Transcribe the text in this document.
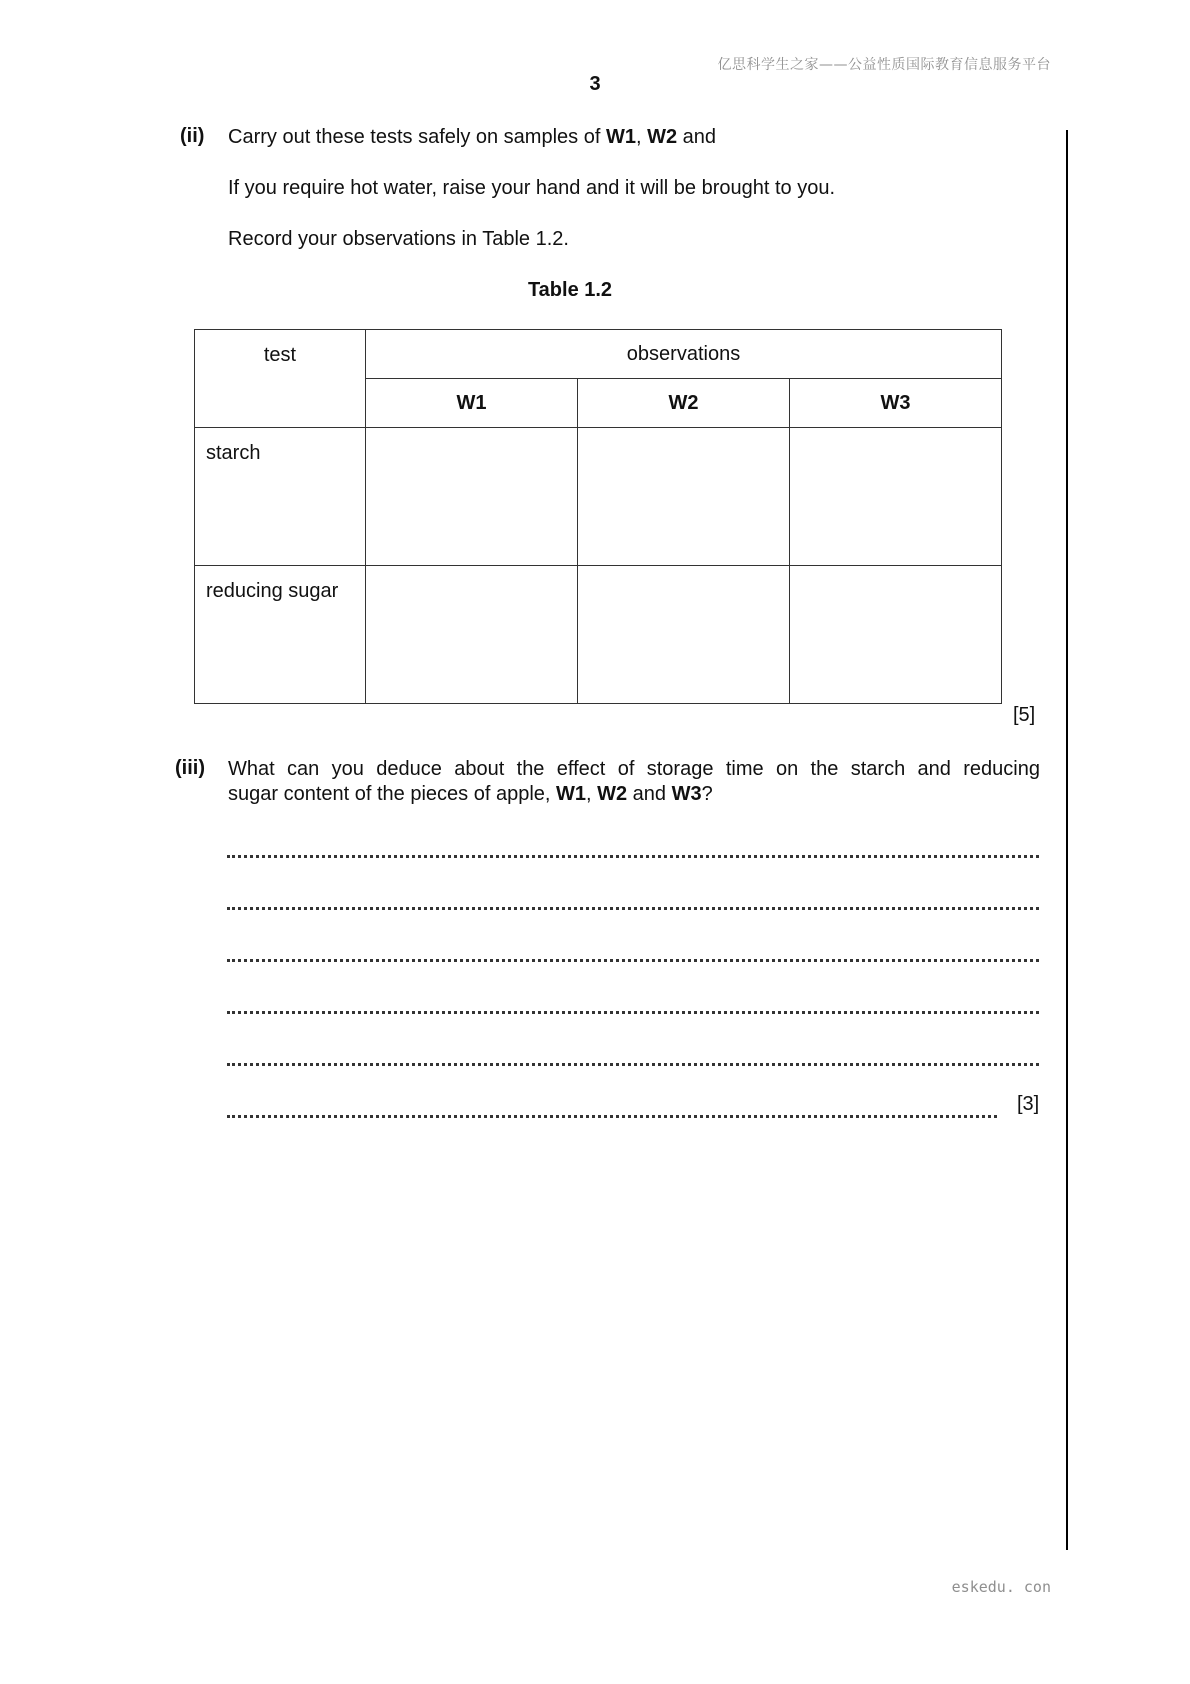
亿思科学生之家——公益性质国际教育信息服务平台
3
(ii) Carry out these tests safely on samples of W1, W2 and
If you require hot water, raise your hand and it will be brought to you.
Record your observations in Table 1.2.
Table 1.2
test	observations		
	W1	W2	W3
starch			
reducing sugar			
[5]
(iii) What can you deduce about the effect of storage time on the starch and reducing
sugar content of the pieces of apple, W1, W2 and W3?
[3]
eskedu. con
